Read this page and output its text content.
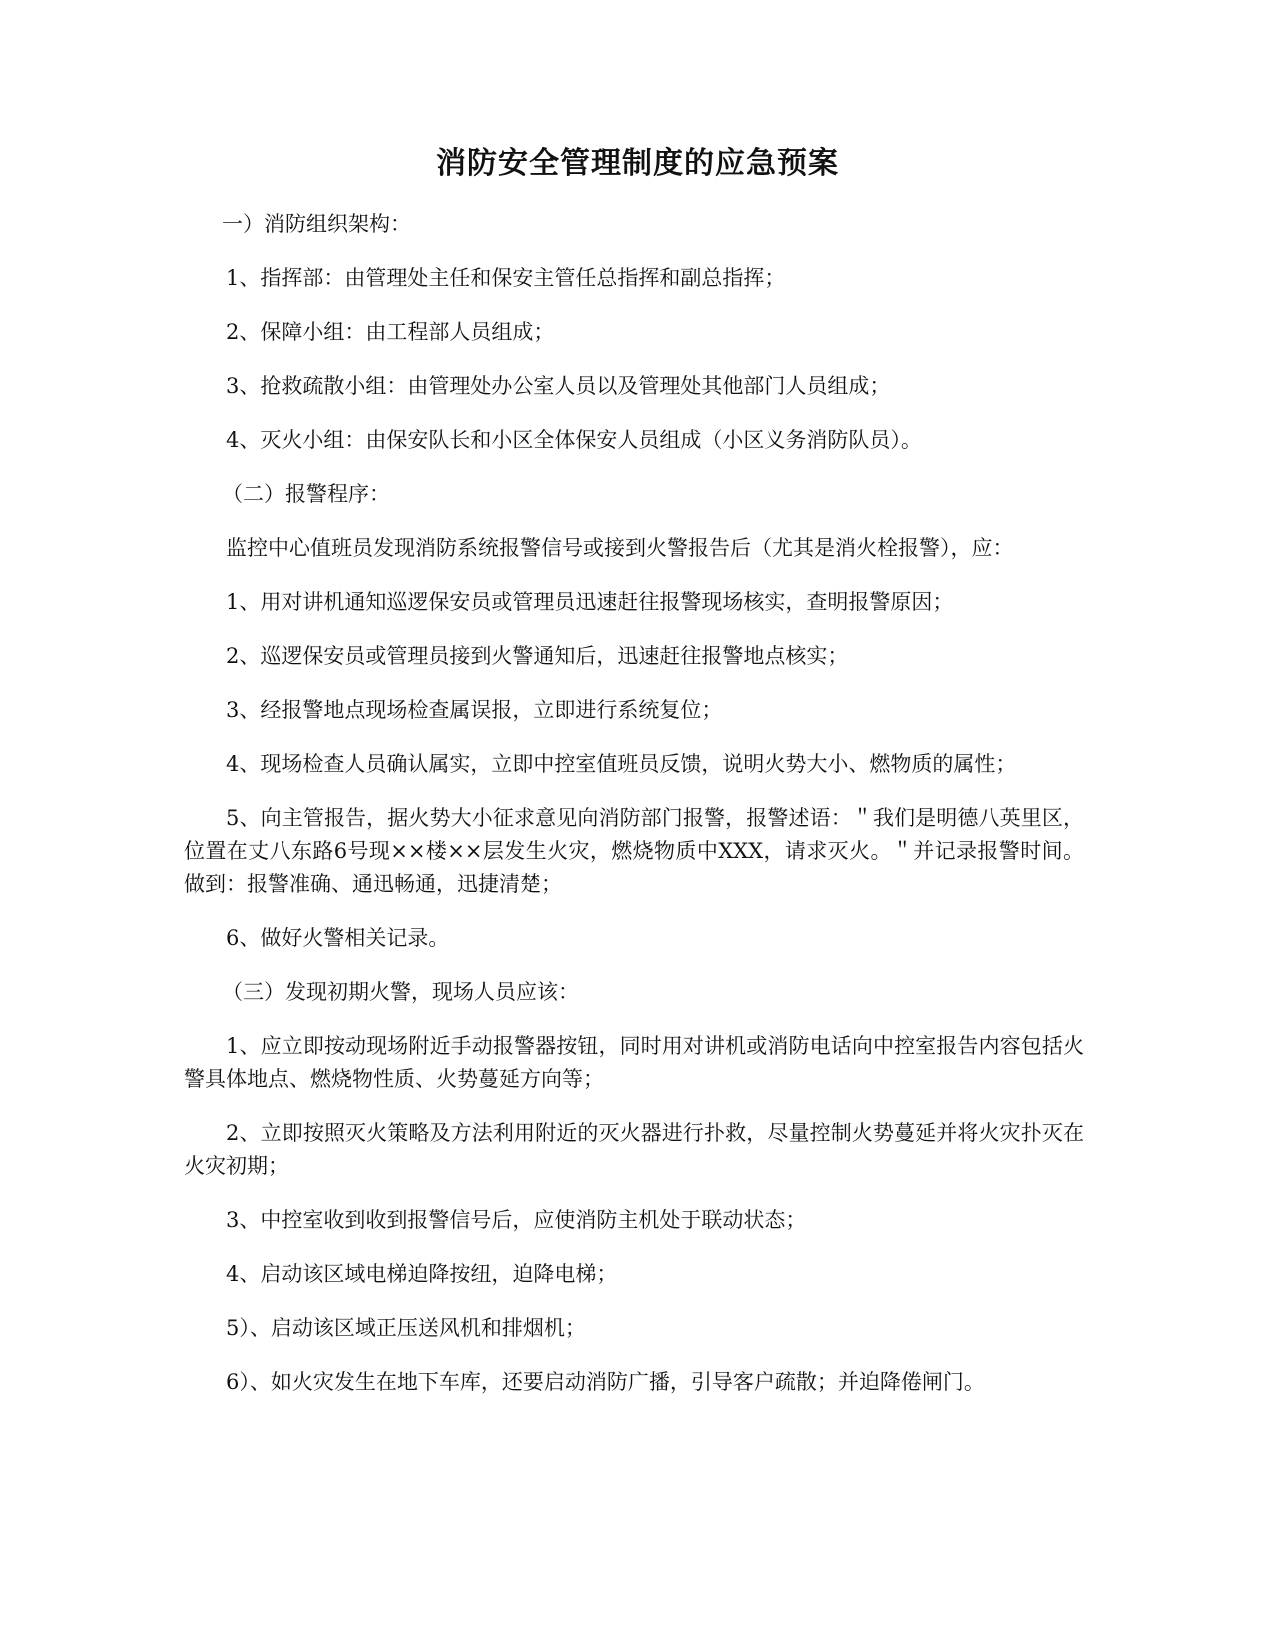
消防安全管理制度的应急预案

一）消防组织架构：

1、指挥部：由管理处主任和保安主管任总指挥和副总指挥；

2、保障小组：由工程部人员组成；

3、抢救疏散小组：由管理处办公室人员以及管理处其他部门人员组成；

4、灭火小组：由保安队长和小区全体保安人员组成（小区义务消防队员）。

（二）报警程序：

监控中心值班员发现消防系统报警信号或接到火警报告后（尤其是消火栓报警），应：

1、用对讲机通知巡逻保安员或管理员迅速赶往报警现场核实，查明报警原因；

2、巡逻保安员或管理员接到火警通知后，迅速赶往报警地点核实；

3、经报警地点现场检查属误报，立即进行系统复位；

4、现场检查人员确认属实，立即中控室值班员反馈，说明火势大小、燃物质的属性；

5、向主管报告，据火势大小征求意见向消防部门报警，报警述语：＂我们是明德八英里区，位置在丈八东路6号现××楼××层发生火灾，燃烧物质中XXX，请求灭火。＂并记录报警时间。做到：报警准确、通迅畅通，迅捷清楚；

6、做好火警相关记录。

（三）发现初期火警，现场人员应该：

1、应立即按动现场附近手动报警器按钮，同时用对讲机或消防电话向中控室报告内容包括火警具体地点、燃烧物性质、火势蔓延方向等；

2、立即按照灭火策略及方法利用附近的灭火器进行扑救，尽量控制火势蔓延并将火灾扑灭在火灾初期；

3、中控室收到收到报警信号后，应使消防主机处于联动状态；

4、启动该区域电梯迫降按纽，迫降电梯；

5）、启动该区域正压送风机和排烟机；

6）、如火灾发生在地下车库，还要启动消防广播，引导客户疏散；并迫降倦闸门。
